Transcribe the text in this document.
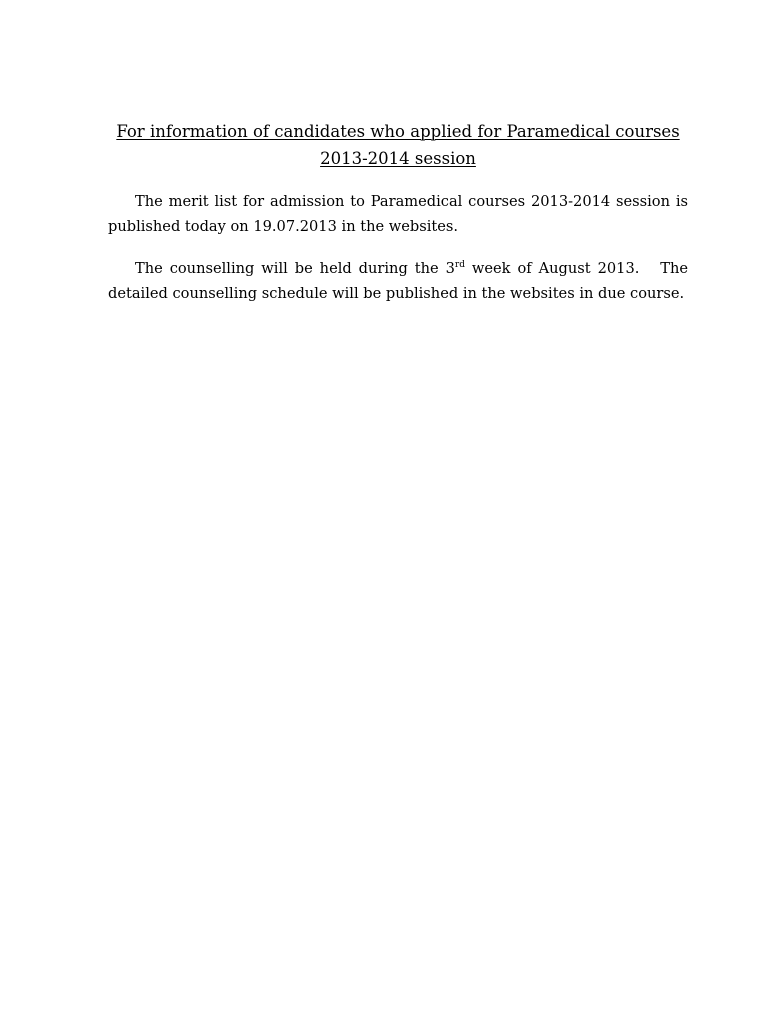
For information of candidates who applied for Paramedical courses
2013-2014 session

The merit list for admission to Paramedical courses 2013-2014 session is published today on 19.07.2013 in the websites.

The counselling will be held during the 3rd week of August 2013.   The detailed counselling schedule will be published in the websites in due course.
